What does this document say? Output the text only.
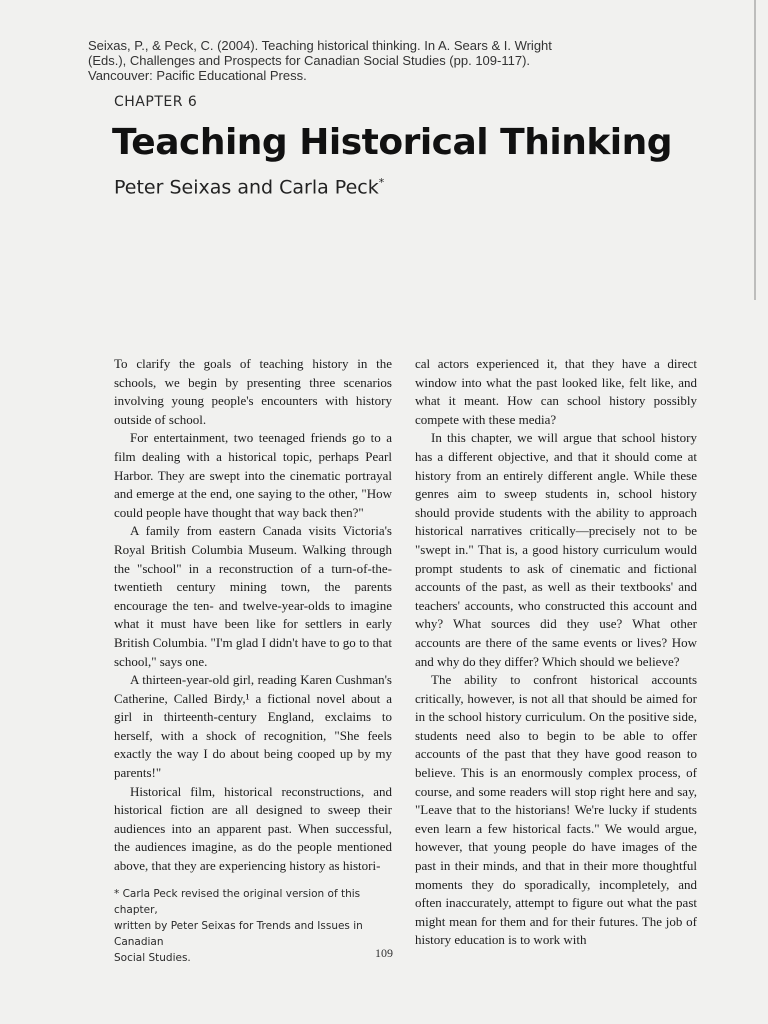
Seixas, P., & Peck, C. (2004). Teaching historical thinking. In A. Sears & I. Wright
(Eds.), Challenges and Prospects for Canadian Social Studies (pp. 109-117).
Vancouver: Pacific Educational Press.
CHAPTER 6
Teaching Historical Thinking
Peter Seixas and Carla Peck*

To clarify the goals of teaching history in the schools, we begin by presenting three scenarios involving young people's encounters with history outside of school.

For entertainment, two teenaged friends go to a film dealing with a historical topic, perhaps Pearl Harbor. They are swept into the cinematic portrayal and emerge at the end, one saying to the other, "How could people have thought that way back then?"

A family from eastern Canada visits Victoria's Royal British Columbia Museum. Walking through the "school" in a reconstruction of a turn-of-the-twentieth century mining town, the parents encourage the ten- and twelve-year-olds to imagine what it must have been like for settlers in early British Columbia. "I'm glad I didn't have to go to that school," says one.

A thirteen-year-old girl, reading Karen Cushman's Catherine, Called Birdy,¹ a fictional novel about a girl in thirteenth-century England, exclaims to herself, with a shock of recognition, "She feels exactly the way I do about being cooped up by my parents!"

Historical film, historical reconstructions, and historical fiction are all designed to sweep their audiences into an apparent past. When successful, the audiences imagine, as do the people mentioned above, that they are experiencing history as histori-

cal actors experienced it, that they have a direct window into what the past looked like, felt like, and what it meant. How can school history possibly compete with these media?

In this chapter, we will argue that school history has a different objective, and that it should come at history from an entirely different angle. While these genres aim to sweep students in, school history should provide students with the ability to approach historical narratives critically—precisely not to be "swept in." That is, a good history curriculum would prompt students to ask of cinematic and fictional accounts of the past, as well as their textbooks' and teachers' accounts, who constructed this account and why? What sources did they use? What other accounts are there of the same events or lives? How and why do they differ? Which should we believe?

The ability to confront historical accounts critically, however, is not all that should be aimed for in the school history curriculum. On the positive side, students need also to begin to be able to offer accounts of the past that they have good reason to believe. This is an enormously complex process, of course, and some readers will stop right here and say, "Leave that to the historians! We're lucky if students even learn a few historical facts." We would argue, however, that young people do have images of the past in their minds, and that in their more thoughtful moments they do sporadically, incompletely, and often inaccurately, attempt to figure out what the past might mean for them and for their futures. The job of history education is to work with

* Carla Peck revised the original version of this chapter,
written by Peter Seixas for Trends and Issues in Canadian
Social Studies.	109
